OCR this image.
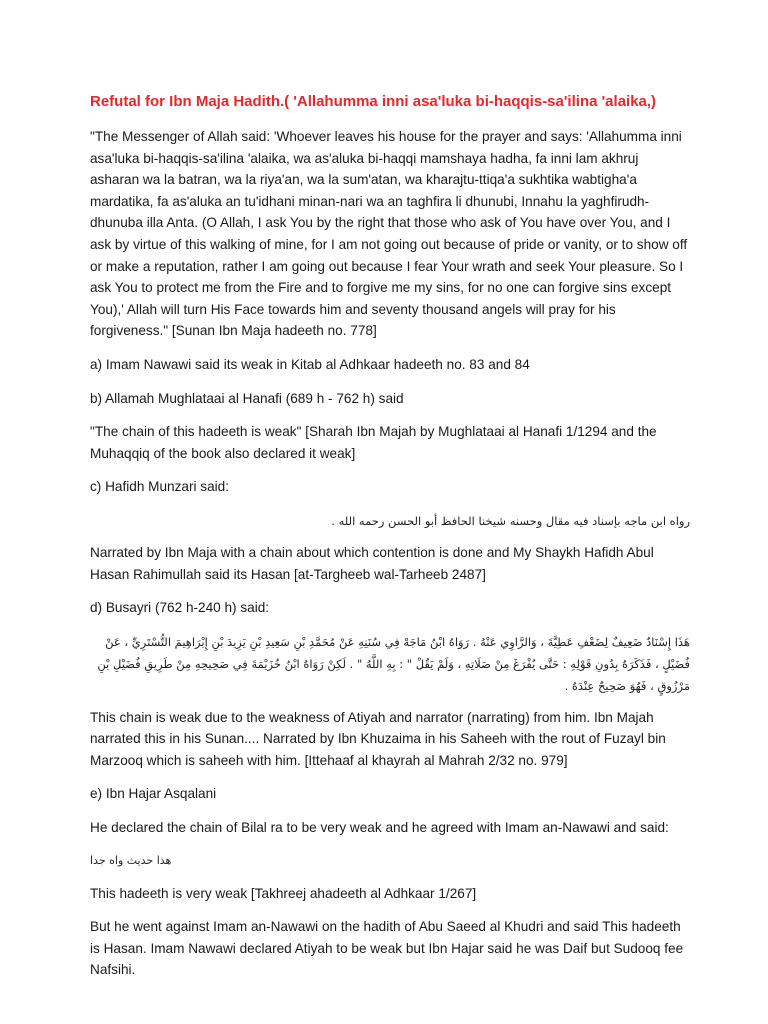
Refutal for Ibn Maja Hadith.( 'Allahumma inni asa'luka bi-haqqis-sa'ilina 'alaika,)

"The Messenger of Allah said: 'Whoever leaves his house for the prayer and says: 'Allahumma inni asa'luka bi-haqqis-sa'ilina 'alaika, wa as'aluka bi-haqqi mamshaya hadha, fa inni lam akhruj asharan wa la batran, wa la riya'an, wa la sum'atan, wa kharajtu-ttiqa'a sukhtika wabtigha'a mardatika, fa as'aluka an tu'idhani minan-nari wa an taghfira li dhunubi, Innahu la yaghfirudh-dhunuba illa Anta. (O Allah, I ask You by the right that those who ask of You have over You, and I ask by virtue of this walking of mine, for I am not going out because of pride or vanity, or to show off or make a reputation, rather I am going out because I fear Your wrath and seek Your pleasure. So I ask You to protect me from the Fire and to forgive me my sins, for no one can forgive sins except You),' Allah will turn His Face towards him and seventy thousand angels will pray for his forgiveness." [Sunan Ibn Maja hadeeth no. 778]

a) Imam Nawawi said its weak in Kitab al Adhkaar hadeeth no. 83 and 84

b) Allamah Mughlataai al Hanafi (689 h - 762 h) said

"The chain of this hadeeth is weak" [Sharah Ibn Majah by Mughlataai al Hanafi 1/1294 and the Muhaqqiq of the book also declared it weak]

c) Hafidh Munzari said:

رواه ابن ماجه بإسناد فيه مقال وحسنه شيخنا الحافظ أبو الحسن رحمه الله .

Narrated by Ibn Maja with a chain about which contention is done and My Shaykh Hafidh Abul Hasan Rahimullah said its Hasan [at-Targheeb wal-Tarheeb 2487]

d) Busayri (762 h-240 h) said:

هَذَا إِسْنَادٌ ضَعِيفٌ لِضَعْفِ عَطِيَّةَ ، وَالرَّاوِي عَنْهُ . رَوَاهُ ابْنُ مَاجَهْ فِي سُنَنِهِ عَنْ مُحَمَّدِ بْنِ سَعِيدِ بْنِ يَزِيدَ بْنِ إِبْرَاهِيمَ التُّسْتَرِيِّ ، عَنْ فُضَيْلٍ ، فَذَكَرَهُ بِدُونِ قَوْلِهِ : حَتَّى يُفْرَغَ مِنْ صَلَاتِهِ ، وَلَمْ يَقُلْ " : بِهِ اللَّهُ " . لَكِنْ رَوَاهُ ابْنُ خُزَيْمَةَ فِي صَحِيحِهِ مِنْ طَرِيقِ فُضَيْلِ بْنِ مَرْزُوقٍ ، فَهُوَ صَحِيحٌ عِنْدَهُ .

This chain is weak due to the weakness of Atiyah and narrator (narrating) from him. Ibn Majah narrated this in his Sunan.... Narrated by Ibn Khuzaima in his Saheeh with the rout of Fuzayl bin Marzooq which is saheeh with him. [Ittehaaf al khayrah al Mahrah 2/32 no. 979]

e) Ibn Hajar Asqalani

He declared the chain of Bilal ra to be very weak and he agreed with Imam an-Nawawi and said:

هذا حديث واه جدا

This hadeeth is very weak [Takhreej ahadeeth al Adhkaar 1/267]

But he went against Imam an-Nawawi on the hadith of Abu Saeed al Khudri and said This hadeeth is Hasan. Imam Nawawi declared Atiyah to be weak but Ibn Hajar said he was Daif but Sudooq fee Nafsihi.
